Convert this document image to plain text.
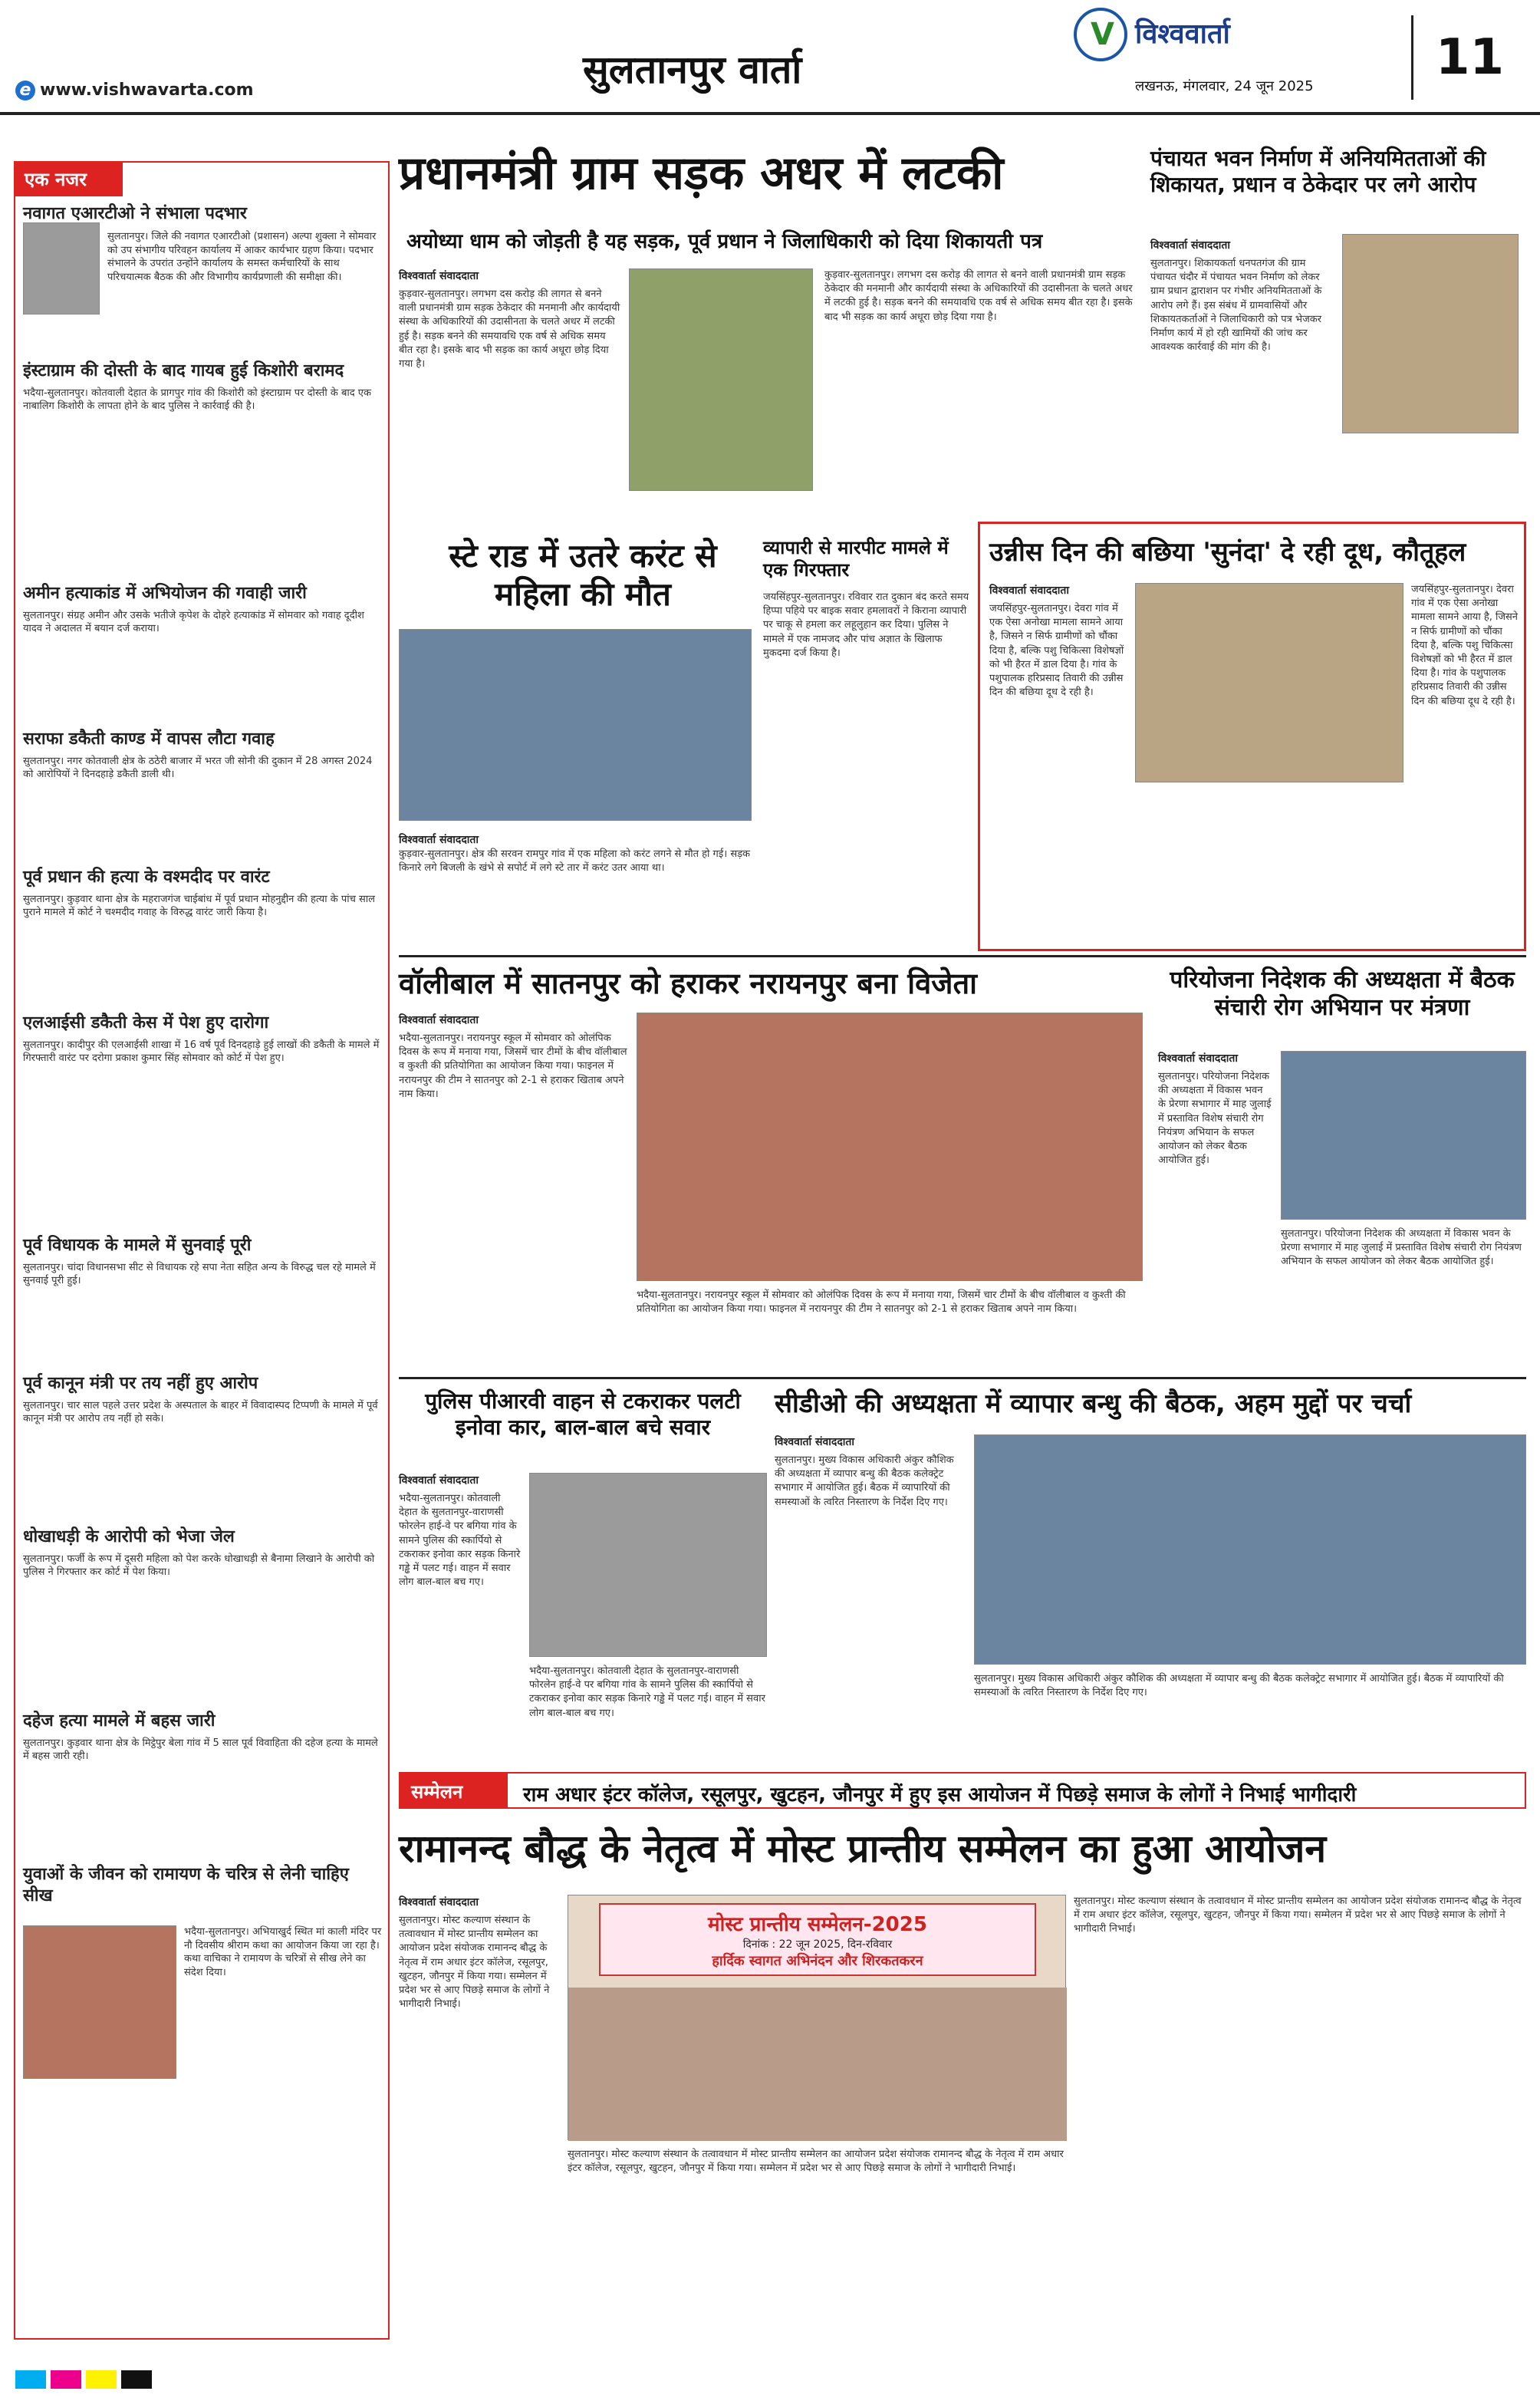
e www.vishwavarta.com	सुलतानपुर वार्ता
V
विश्ववार्ता
लखनऊ, मंगलवार, 24 जून 2025
11
एक नजर
नवागत एआरटीओ ने संभाला पदभार
सुलतानपुर। जिले की नवागत एआरटीओ (प्रशासन) अल्पा शुक्ला ने सोमवार को उप संभागीय परिवहन कार्यालय में आकर कार्यभार ग्रहण किया। पदभार संभालने के उपरांत उन्होंने कार्यालय के समस्त कर्मचारियों के साथ परिचयात्मक बैठक की और विभागीय कार्यप्रणाली की समीक्षा की।
इंस्टाग्राम की दोस्ती के बाद गायब हुई किशोरी बरामद
भदैया-सुलतानपुर। कोतवाली देहात के प्रागपुर गांव की किशोरी को इंस्टाग्राम पर दोस्ती के बाद एक नाबालिग किशोरी के लापता होने के बाद पुलिस ने कार्रवाई की है।
अमीन हत्याकांड में अभियोजन की गवाही जारी
सुलतानपुर। संग्रह अमीन और उसके भतीजे कृपेश के दोहरे हत्याकांड में सोमवार को गवाह दूदीश यादव ने अदालत में बयान दर्ज कराया।
सराफा डकैती काण्ड में वापस लौटा गवाह
सुलतानपुर। नगर कोतवाली क्षेत्र के ठठेरी बाजार में भरत जी सोनी की दुकान में 28 अगस्त 2024 को आरोपियों ने दिनदहाड़े डकैती डाली थी।
पूर्व प्रधान की हत्या के वश्मदीद पर वारंट
सुलतानपुर। कुड़वार थाना क्षेत्र के महराजगंज चाईबांध में पूर्व प्रधान मोहनुद्दीन की हत्या के पांच साल पुराने मामले में कोर्ट ने चश्मदीद गवाह के विरुद्ध वारंट जारी किया है।
एलआईसी डकैती केस में पेश हुए दारोगा
सुलतानपुर। कादीपुर की एलआईसी शाखा में 16 वर्ष पूर्व दिनदहाड़े हुई लाखों की डकैती के मामले में गिरफ्तारी वारंट पर दरोगा प्रकाश कुमार सिंह सोमवार को कोर्ट में पेश हुए।
पूर्व विधायक के मामले में सुनवाई पूरी
सुलतानपुर। चांदा विधानसभा सीट से विधायक रहे सपा नेता सहित अन्य के विरुद्ध चल रहे मामले में सुनवाई पूरी हुई।
पूर्व कानून मंत्री पर तय नहीं हुए आरोप
सुलतानपुर। चार साल पहले उत्तर प्रदेश के अस्पताल के बाहर में विवादास्पद टिप्पणी के मामले में पूर्व कानून मंत्री पर आरोप तय नहीं हो सके।
धोखाधड़ी के आरोपी को भेजा जेल
सुलतानपुर। फर्जी के रूप में दूसरी महिला को पेश करके धोखाधड़ी से बैनामा लिखाने के आरोपी को पुलिस ने गिरफ्तार कर कोर्ट में पेश किया।
दहेज हत्या मामले में बहस जारी
सुलतानपुर। कुड़वार थाना क्षेत्र के मिट्ठेपुर बेला गांव में 5 साल पूर्व विवाहिता की दहेज हत्या के मामले में बहस जारी रही।
युवाओं के जीवन को रामायण के चरित्र से लेनी चाहिए सीख
भदैया-सुलतानपुर। अभियाखुर्द स्थित मां काली मंदिर पर नौ दिवसीय श्रीराम कथा का आयोजन किया जा रहा है। कथा वाचिका ने रामायण के चरित्रों से सीख लेने का संदेश दिया।
प्रधानमंत्री ग्राम सड़क अधर में लटकी
अयोध्या धाम को जोड़ती है यह सड़क, पूर्व प्रधान ने जिलाधिकारी को दिया शिकायती पत्र
विश्ववार्ता संवाददाता
कुड़वार-सुलतानपुर। लगभग दस करोड़ की लागत से बनने वाली प्रधानमंत्री ग्राम सड़क ठेकेदार की मनमानी और कार्यदायी संस्था के अधिकारियों की उदासीनता के चलते अधर में लटकी हुई है। सड़क बनने की समयावधि एक वर्ष से अधिक समय बीत रहा है। इसके बाद भी सड़क का कार्य अधूरा छोड़ दिया गया है।
कुड़वार-सुलतानपुर। लगभग दस करोड़ की लागत से बनने वाली प्रधानमंत्री ग्राम सड़क ठेकेदार की मनमानी और कार्यदायी संस्था के अधिकारियों की उदासीनता के चलते अधर में लटकी हुई है। सड़क बनने की समयावधि एक वर्ष से अधिक समय बीत रहा है। इसके बाद भी सड़क का कार्य अधूरा छोड़ दिया गया है।
पंचायत भवन निर्माण में अनियमितताओं की शिकायत, प्रधान व ठेकेदार पर लगे आरोप
विश्ववार्ता संवाददाता
सुलतानपुर। शिकायकर्ता धनपतगंज की ग्राम पंचायत चंदौर में पंचायत भवन निर्माण को लेकर ग्राम प्रधान द्वाराशन पर गंभीर अनियमितताओं के आरोप लगे हैं। इस संबंध में ग्रामवासियों और शिकायतकर्ताओं ने जिलाधिकारी को पत्र भेजकर निर्माण कार्य में हो रही खामियों की जांच कर आवश्यक कार्रवाई की मांग की है।
स्टे राड में उतरे करंट से महिला की मौत
विश्ववार्ता संवाददाता
कुड़वार-सुलतानपुर। क्षेत्र की सरवन रामपुर गांव में एक महिला को करंट लगने से मौत हो गई। सड़क किनारे लगे बिजली के खंभे से सपोर्ट में लगे स्टे तार में करंट उतर आया था।
व्यापारी से मारपीट मामले में एक गिरफ्तार
जयसिंहपुर-सुलतानपुर। रविवार रात दुकान बंद करते समय हिप्पा पहिये पर बाइक सवार हमलावरों ने किराना व्यापारी पर चाकू से हमला कर लहूलुहान कर दिया। पुलिस ने मामले में एक नामजद और पांच अज्ञात के खिलाफ मुकदमा दर्ज किया है।
उन्नीस दिन की बछिया 'सुनंदा' दे रही दूध, कौतूहल
विश्ववार्ता संवाददाता
जयसिंहपुर-सुलतानपुर। देवरा गांव में एक ऐसा अनोखा मामला सामने आया है, जिसने न सिर्फ ग्रामीणों को चौंका दिया है, बल्कि पशु चिकित्सा विशेषज्ञों को भी हैरत में डाल दिया है। गांव के पशुपालक हरिप्रसाद तिवारी की उन्नीस दिन की बछिया दूध दे रही है।
जयसिंहपुर-सुलतानपुर। देवरा गांव में एक ऐसा अनोखा मामला सामने आया है, जिसने न सिर्फ ग्रामीणों को चौंका दिया है, बल्कि पशु चिकित्सा विशेषज्ञों को भी हैरत में डाल दिया है। गांव के पशुपालक हरिप्रसाद तिवारी की उन्नीस दिन की बछिया दूध दे रही है।
वॉलीबाल में सातनपुर को हराकर नरायनपुर बना विजेता
विश्ववार्ता संवाददाता
भदैया-सुलतानपुर। नरायनपुर स्कूल में सोमवार को ओलंपिक दिवस के रूप में मनाया गया, जिसमें चार टीमों के बीच वॉलीबाल व कुश्ती की प्रतियोगिता का आयोजन किया गया। फाइनल में नरायनपुर की टीम ने सातनपुर को 2-1 से हराकर खिताब अपने नाम किया।
भदैया-सुलतानपुर। नरायनपुर स्कूल में सोमवार को ओलंपिक दिवस के रूप में मनाया गया, जिसमें चार टीमों के बीच वॉलीबाल व कुश्ती की प्रतियोगिता का आयोजन किया गया। फाइनल में नरायनपुर की टीम ने सातनपुर को 2-1 से हराकर खिताब अपने नाम किया।
परियोजना निदेशक की अध्यक्षता में बैठक संचारी रोग अभियान पर मंत्रणा
विश्ववार्ता संवाददाता
सुलतानपुर। परियोजना निदेशक की अध्यक्षता में विकास भवन के प्रेरणा सभागार में माह जुलाई में प्रस्तावित विशेष संचारी रोग नियंत्रण अभियान के सफल आयोजन को लेकर बैठक आयोजित हुई।
सुलतानपुर। परियोजना निदेशक की अध्यक्षता में विकास भवन के प्रेरणा सभागार में माह जुलाई में प्रस्तावित विशेष संचारी रोग नियंत्रण अभियान के सफल आयोजन को लेकर बैठक आयोजित हुई।
पुलिस पीआरवी वाहन से टकराकर पलटी इनोवा कार, बाल-बाल बचे सवार
विश्ववार्ता संवाददाता
भदैया-सुलतानपुर। कोतवाली देहात के सुलतानपुर-वाराणसी फोरलेन हाई-वे पर बगिया गांव के सामने पुलिस की स्कार्पियो से टकराकर इनोवा कार सड़क किनारे गड्ढे में पलट गई। वाहन में सवार लोग बाल-बाल बच गए।
भदैया-सुलतानपुर। कोतवाली देहात के सुलतानपुर-वाराणसी फोरलेन हाई-वे पर बगिया गांव के सामने पुलिस की स्कार्पियो से टकराकर इनोवा कार सड़क किनारे गड्ढे में पलट गई। वाहन में सवार लोग बाल-बाल बच गए।
सीडीओ की अध्यक्षता में व्यापार बन्धु की बैठक, अहम मुद्दों पर चर्चा
विश्ववार्ता संवाददाता
सुलतानपुर। मुख्य विकास अधिकारी अंकुर कौशिक की अध्यक्षता में व्यापार बन्धु की बैठक कलेक्ट्रेट सभागार में आयोजित हुई। बैठक में व्यापारियों की समस्याओं के त्वरित निस्तारण के निर्देश दिए गए।
सुलतानपुर। मुख्य विकास अधिकारी अंकुर कौशिक की अध्यक्षता में व्यापार बन्धु की बैठक कलेक्ट्रेट सभागार में आयोजित हुई। बैठक में व्यापारियों की समस्याओं के त्वरित निस्तारण के निर्देश दिए गए।
सम्मेलन	राम अधार इंटर कॉलेज, रसूलपुर, खुटहन, जौनपुर में हुए इस आयोजन में पिछड़े समाज के लोगों ने निभाई भागीदारी
रामानन्द बौद्ध के नेतृत्व में मोस्ट प्रान्तीय सम्मेलन का हुआ आयोजन
विश्ववार्ता संवाददाता
सुलतानपुर। मोस्ट कल्याण संस्थान के तत्वावधान में मोस्ट प्रान्तीय सम्मेलन का आयोजन प्रदेश संयोजक रामानन्द बौद्ध के नेतृत्व में राम अधार इंटर कॉलेज, रसूलपुर, खुटहन, जौनपुर में किया गया। सम्मेलन में प्रदेश भर से आए पिछड़े समाज के लोगों ने भागीदारी निभाई।
मोस्ट प्रान्तीय सम्मेलन-2025
दिनांक : 22 जून 2025, दिन-रविवार
हार्दिक स्वागत अभिनंदन और शिरकतकरन
सुलतानपुर। मोस्ट कल्याण संस्थान के तत्वावधान में मोस्ट प्रान्तीय सम्मेलन का आयोजन प्रदेश संयोजक रामानन्द बौद्ध के नेतृत्व में राम अधार इंटर कॉलेज, रसूलपुर, खुटहन, जौनपुर में किया गया। सम्मेलन में प्रदेश भर से आए पिछड़े समाज के लोगों ने भागीदारी निभाई।
सुलतानपुर। मोस्ट कल्याण संस्थान के तत्वावधान में मोस्ट प्रान्तीय सम्मेलन का आयोजन प्रदेश संयोजक रामानन्द बौद्ध के नेतृत्व में राम अधार इंटर कॉलेज, रसूलपुर, खुटहन, जौनपुर में किया गया। सम्मेलन में प्रदेश भर से आए पिछड़े समाज के लोगों ने भागीदारी निभाई।
